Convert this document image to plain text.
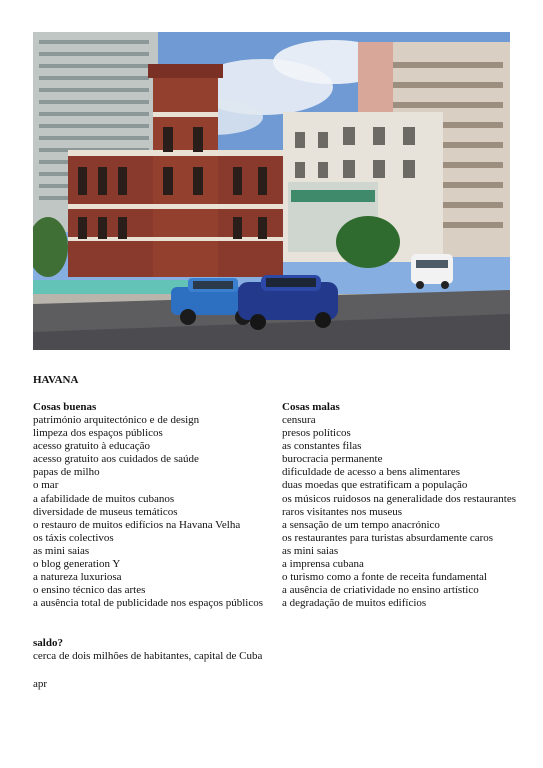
HAVANA
Cosas buenas
património arquitectónico e de design
limpeza dos espaços públicos
acesso gratuito à educação
acesso gratuito aos cuidados de saúde
papas de milho
o mar
a afabilidade de muitos cubanos
diversidade de museus temáticos
o restauro de muitos edifícios na Havana Velha
os táxis colectivos
as mini saias
o blog generation Y
a natureza luxuriosa
o ensino técnico das artes
a ausência total de publicidade nos espaços públicos
Cosas malas
censura
presos políticos
as constantes filas
burocracia permanente
dificuldade de acesso a bens alimentares
duas moedas que estratificam a população
os músicos ruidosos na generalidade dos restaurantes
raros visitantes nos museus
a sensação de um tempo anacrónico
os restaurantes para turistas absurdamente caros
as mini saias
a imprensa cubana
o turismo como a fonte de receita fundamental
a ausência de criatividade no ensino artístico
a degradação de muitos edifícios
saldo?

cerca de dois milhões de habitantes, capital de Cuba

apr
